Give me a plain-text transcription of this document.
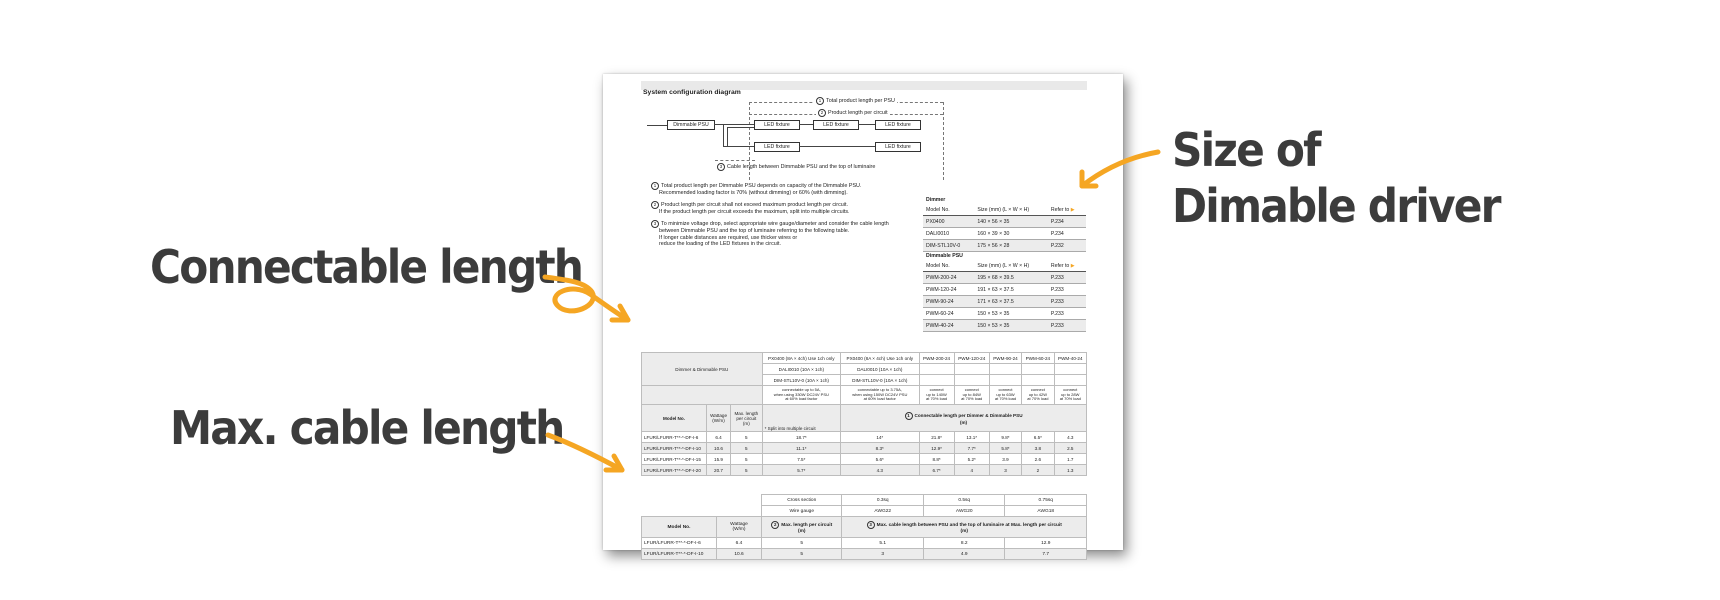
Connectable length
Max. cable length
Size of
Dimable driver
System configuration diagram
1 Total product length per PSU
2 Product length per circuit
Dimmable PSU	LED fixture	LED fixture	LED fixture
LED fixture	LED fixture
3 Cable length between Dimmable PSU and the top of luminaire
1 Total product length per Dimmable PSU depends on capacity of the Dimmable PSU.
Recommended loading factor is 70% (without dimming) or 60% (with dimming).
2 Product length per circuit shall not exceed maximum product length per circuit.
If the product length per circuit exceeds the maximum, split into multiple circuits.
3 To minimize voltage drop, select appropriate wire gauge/diameter and consider the cable length
between Dimmable PSU and the top of luminaire referring to the following table.
If longer cable distances are required, use thicker wires or
reduce the loading of the LED fixtures in the circuit.
Dimmer		
Model No.	Size (mm) (L × W × H)	Refer to ▶
PX0400	140 × 56 × 35	P.234
DALI0010	160 × 39 × 30	P.234
DIM-STL10V-0	175 × 56 × 28	P.232
Dimmable PSU		
Model No.	Size (mm) (L × W × H)	Refer to ▶
PWM-200-24	195 × 68 × 39.5	P.233
PWM-120-24	191 × 63 × 37.5	P.233
PWM-90-24	171 × 63 × 37.5	P.233
PWM-60-24	150 × 53 × 35	P.233
PWM-40-24	150 × 53 × 35	P.233
Dimmer & Dimmable PSU			PX0400 (8A × 4ch) Use 1ch only	PX0400 (8A × 4ch) Use 1ch only	PWM-200-24	PWM-120-24	PWM-90-24	PWM-60-24	PWM-40-24
			DALI0010 (10A × 1ch)	DALI0010 (10A × 1ch)					
			DIM-STL10V-0 (10A × 1ch)	DIM-STL10V-0 (10A × 1ch)					
			connectable up to 5A,
when using 330W DC24V PSU
at 60% load factor	connectable up to 3.75A,
when using 150W DC24V PSU
at 60% load factor	connect
up to 140W
at 70% load	connect
up to 84W
at 70% load	connect
up to 63W
at 70% load	connect
up to 42W
at 70% load	connect
up to 28W
at 70% load
Model No.	Wattage
(W/m)	Max. length
per circuit
(m)	* Split into multiple circuit	1 Connectable length per Dimmer & Dimmable PSU
(m)					
LFUR/LFURR-T**-*-DF-I-6	6.4	5	18.7*	14*	21.8*	13.1*	9.8*	6.5*	4.3
LFUR/LFURR-T**-*-DF-I-10	10.6	5	11.1*	8.3*	12.9*	7.7*	5.8*	3.8	2.5
LFUR/LFURR-T**-*-DF-I-15	15.9	5	7.5*	5.6*	8.8*	5.2*	3.9	2.6	1.7
LFUR/LFURR-T**-*-DF-I-20	20.7	5	5.7*	4.3	6.7*	4	3	2	1.3
		Cross section	0.3sq	0.5sq	0.75sq
		Wire gauge	AWG22	AWG20	AWG18
Model No.	Wattage
(W/m)	2 Max. length per circuit
(m)	3 Max. cable length between PSU and the top of luminaire at Max. length per circuit
(m)		
LFUR/LFURR-T**-*-DF-I-6	6.4	5	5.1	8.2	12.9
LFUR/LFURR-T**-*-DF-I-10	10.6	5	3	4.9	7.7
